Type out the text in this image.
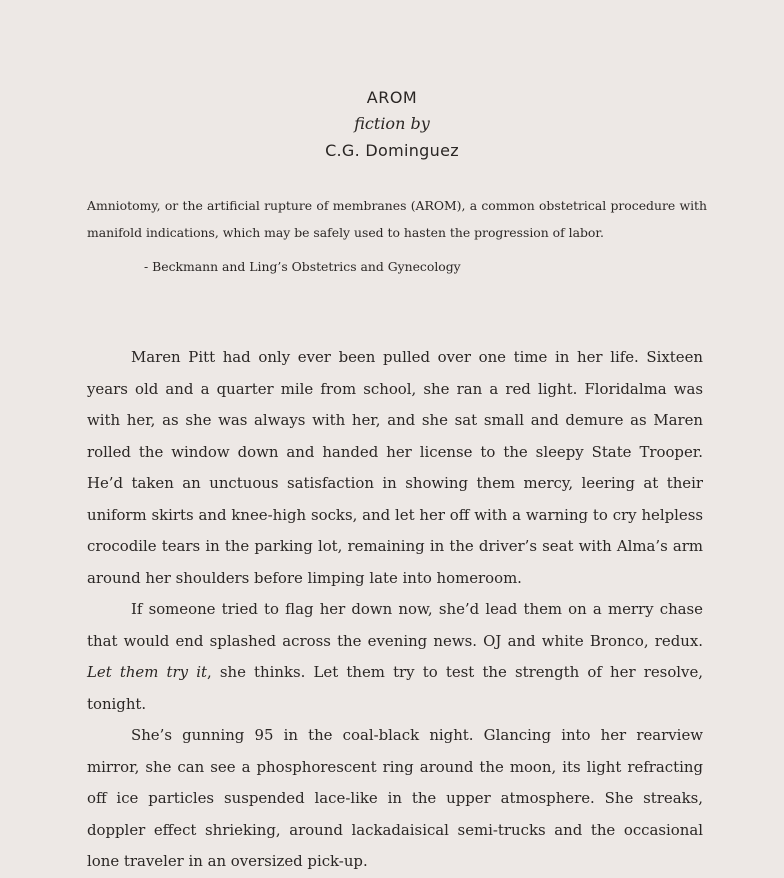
AROM
fiction by
C.G. Dominguez

Amniotomy, or the artificial rupture of membranes (AROM), a common obstetrical procedure with manifold indications, which may be safely used to hasten the progression of labor.

- Beckmann and Ling’s Obstetrics and Gynecology

Maren Pitt had only ever been pulled over one time in her life. Sixteen years old and a quarter mile from school, she ran a red light. Floridalma was with her, as she was always with her, and she sat small and demure as Maren rolled the window down and handed her license to the sleepy State Trooper. He’d taken an unctuous satisfaction in showing them mercy, leering at their uniform skirts and knee-high socks, and let her off with a warning to cry helpless crocodile tears in the parking lot, remaining in the driver’s seat with Alma’s arm around her shoulders before limping late into homeroom.

If someone tried to flag her down now, she’d lead them on a merry chase that would end splashed across the evening news. OJ and white Bronco, redux. Let them try it, she thinks. Let them try to test the strength of her resolve, tonight.

She’s gunning 95 in the coal-black night. Glancing into her rearview mirror, she can see a phosphorescent ring around the moon, its light refracting off ice particles suspended lace-like in the upper atmosphere. She streaks, doppler effect shrieking, around lackadaisical semi-trucks and the occasional lone traveler in an oversized pick-up.
